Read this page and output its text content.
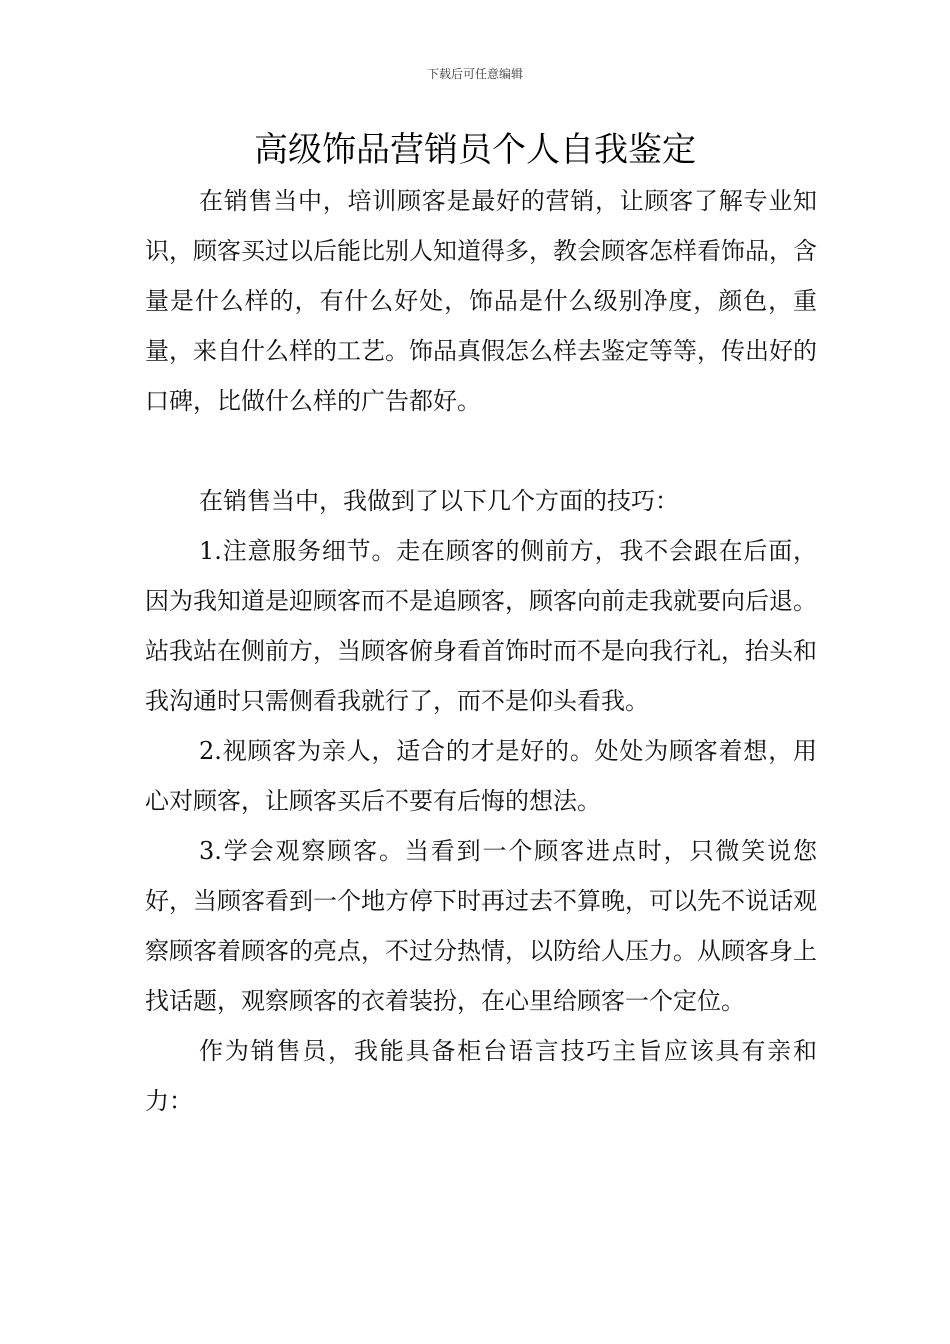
下载后可任意编辑
高级饰品营销员个人自我鉴定

在销售当中，培训顾客是最好的营销，让顾客了解专业知识，顾客买过以后能比别人知道得多，教会顾客怎样看饰品，含量是什么样的，有什么好处，饰品是什么级别净度，颜色，重量，来自什么样的工艺。饰品真假怎么样去鉴定等等，传出好的口碑，比做什么样的广告都好。

在销售当中，我做到了以下几个方面的技巧：

1.注意服务细节。走在顾客的侧前方，我不会跟在后面，因为我知道是迎顾客而不是追顾客，顾客向前走我就要向后退。站我站在侧前方，当顾客俯身看首饰时而不是向我行礼，抬头和我沟通时只需侧看我就行了，而不是仰头看我。

2.视顾客为亲人，适合的才是好的。处处为顾客着想，用心对顾客，让顾客买后不要有后悔的想法。

3.学会观察顾客。当看到一个顾客进点时，只微笑说您好，当顾客看到一个地方停下时再过去不算晚，可以先不说话观察顾客着顾客的亮点，不过分热情，以防给人压力。从顾客身上找话题，观察顾客的衣着装扮，在心里给顾客一个定位。

作为销售员，我能具备柜台语言技巧主旨应该具有亲和力：
